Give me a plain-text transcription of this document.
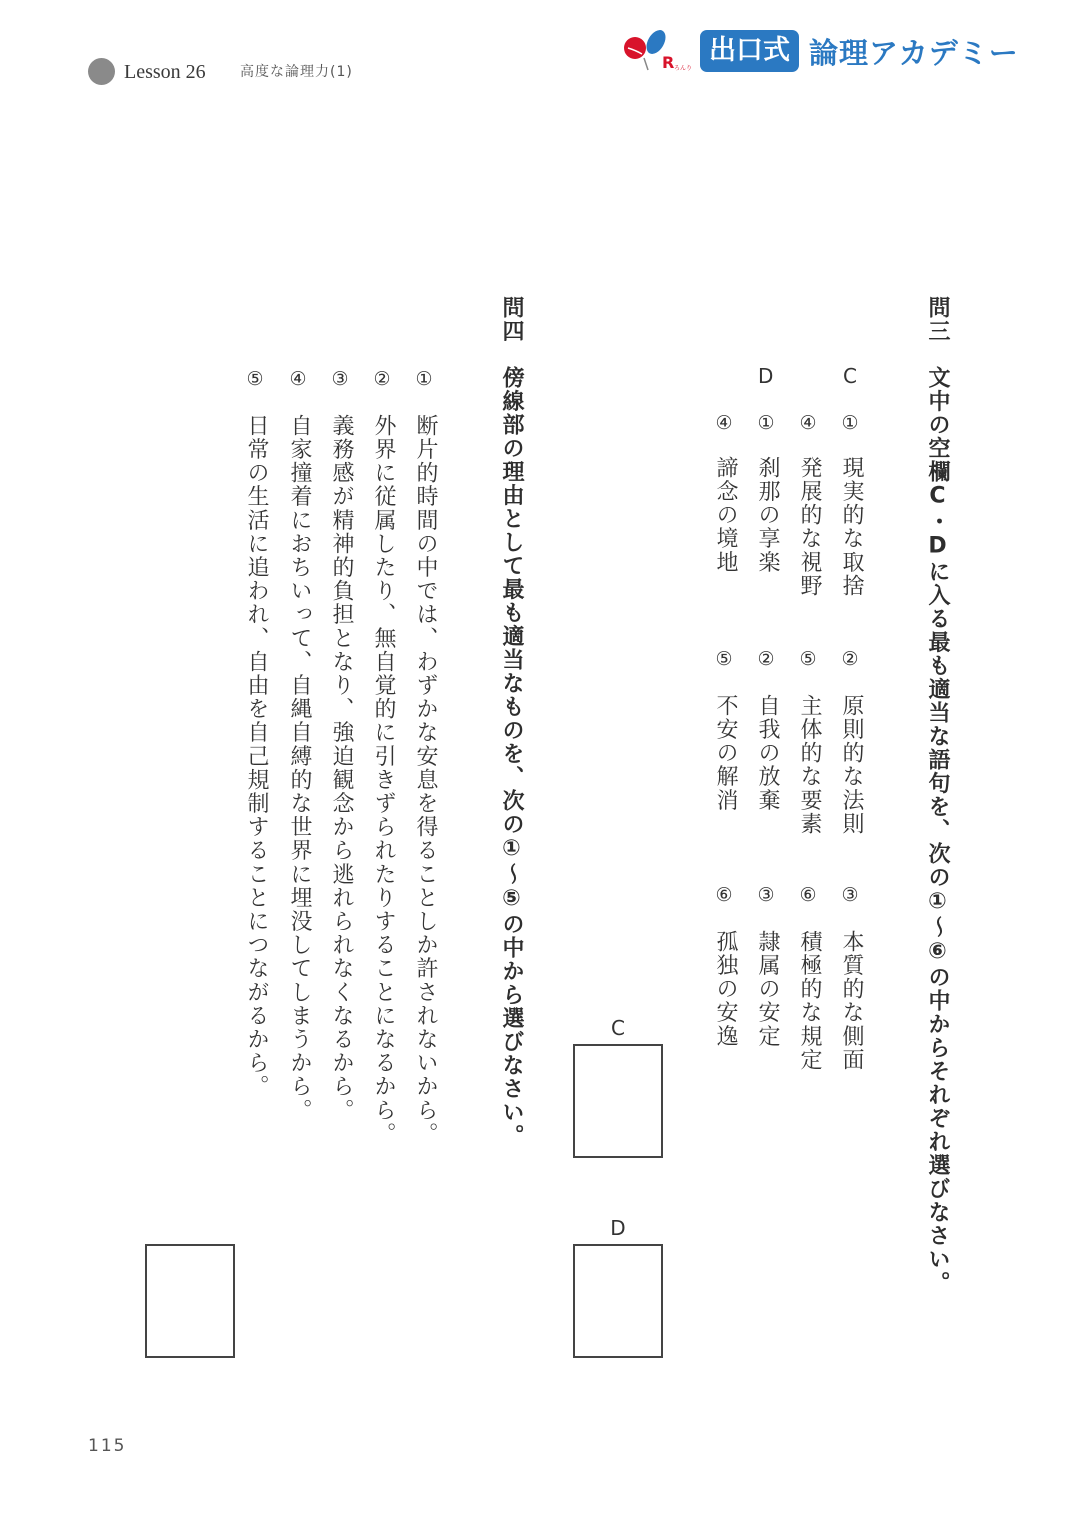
Lesson 26 高度な論理力(1)	R ろんり
出口式 論理アカデミー
問三
文中の空欄C・Dに入る最も適当な語句を、次の①〜⑥の中からそれぞれ選びなさい。
C
①
現実的な取捨
②
原則的な法則
③
本質的な側面
④
発展的な視野
⑤
主体的な要素
⑥
積極的な規定
D
①
刹那の享楽
②
自我の放棄
③
隷属の安定
④
諦念の境地
⑤
不安の解消
⑥
孤独の安逸
C
D
問四
傍線部の理由として最も適当なものを、次の①〜⑤の中から選びなさい。
①
断片的時間の中では、わずかな安息を得ることしか許されないから。
②
外界に従属したり、無自覚的に引きずられたりすることになるから。
③
義務感が精神的負担となり、強迫観念から逃れられなくなるから。
④
自家撞着におちいって、自縄自縛的な世界に埋没してしまうから。
⑤
日常の生活に追われ、自由を自己規制することにつながるから。
115
